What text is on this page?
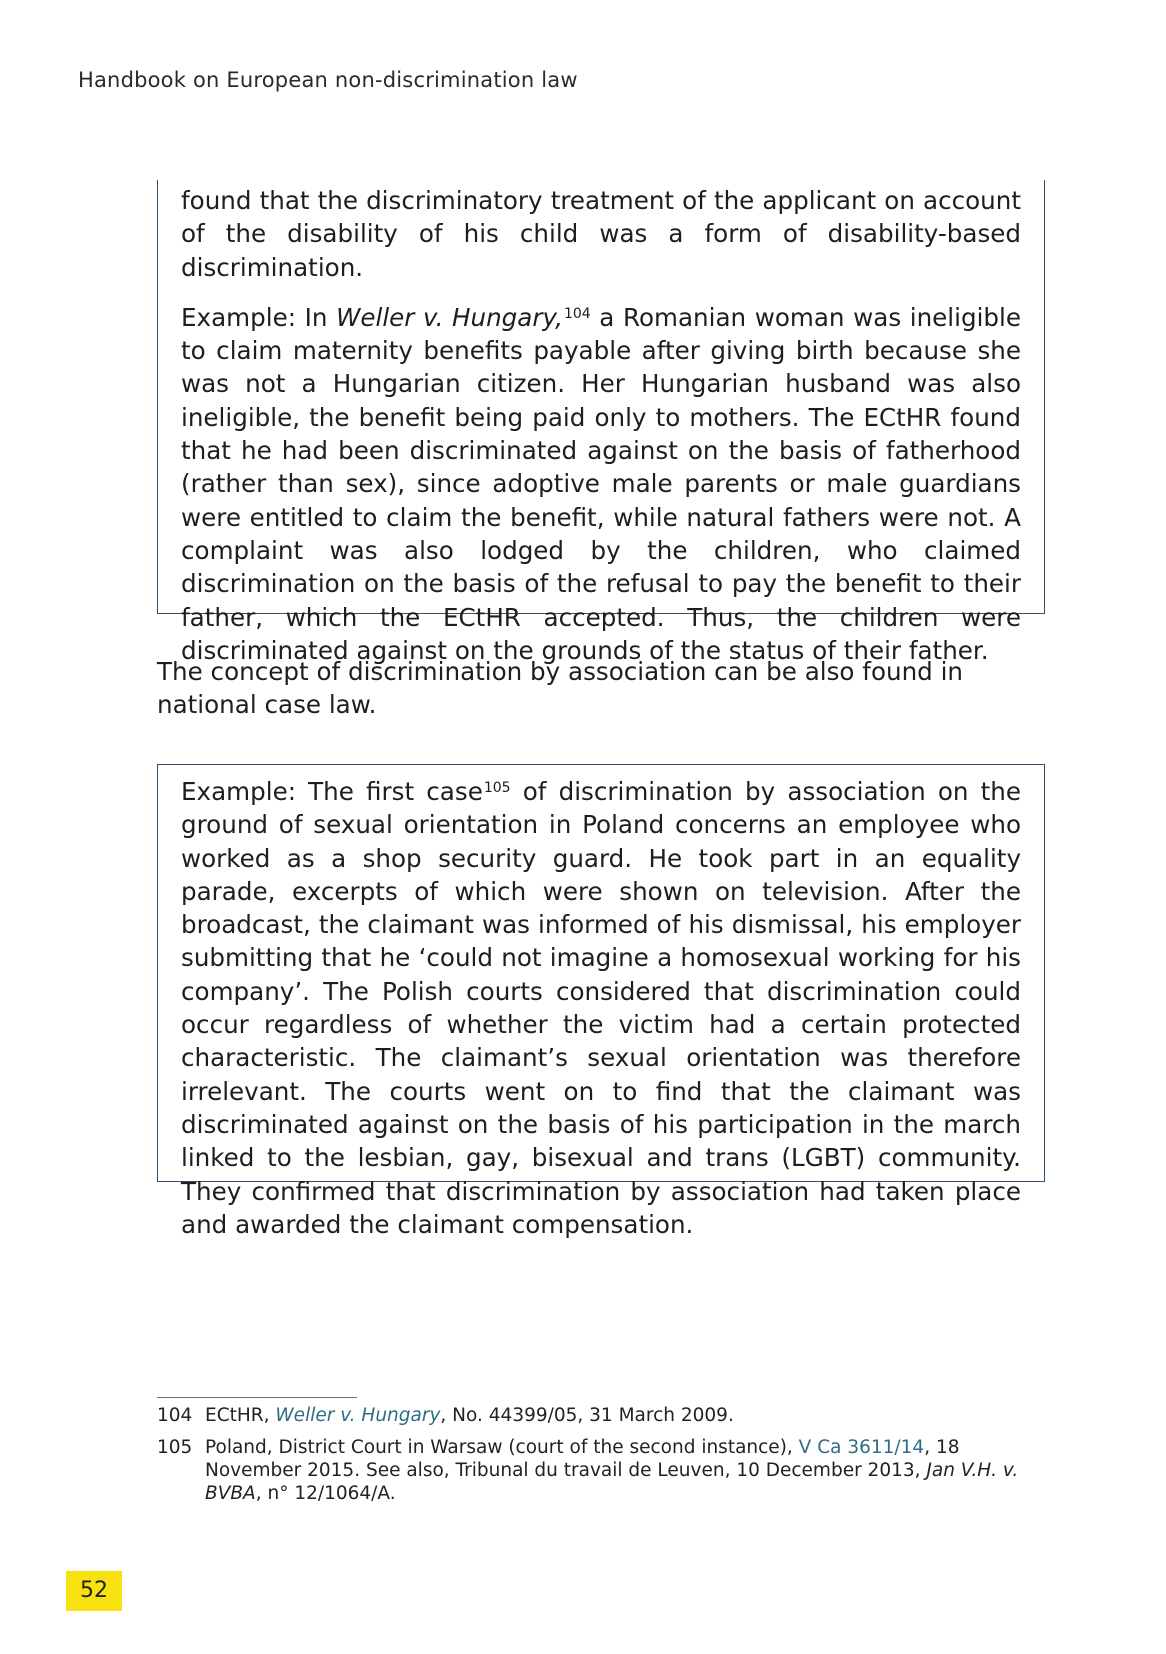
Handbook on European non-discrimination law

found that the discriminatory treatment of the applicant on account of the disability of his child was a form of disability-based discrimination.

Example: In Weller v. Hungary,$^{104}$ a Romanian woman was ineligible to claim maternity benefits payable after giving birth because she was not a Hungarian citizen. Her Hungarian husband was also ineligible, the benefit being paid only to mothers. The ECtHR found that he had been discriminated against on the basis of fatherhood (rather than sex), since adoptive male parents or male guardians were entitled to claim the benefit, while natural fathers were not. A complaint was also lodged by the children, who claimed discrimination on the basis of the refusal to pay the benefit to their father, which the ECtHR accepted. Thus, the children were discriminated against on the grounds of the status of their father.

The concept of discrimination by association can be also found in national case law.

Example: The first case$^{105}$ of discrimination by association on the ground of sexual orientation in Poland concerns an employee who worked as a shop security guard. He took part in an equality parade, excerpts of which were shown on television. After the broadcast, the claimant was informed of his dismissal, his employer submitting that he ‘could not imagine a homosexual working for his company’. The Polish courts considered that discrimination could occur regardless of whether the victim had a certain protected characteristic. The claimant’s sexual orientation was therefore irrelevant. The courts went on to find that the claimant was discriminated against on the basis of his participation in the march linked to the lesbian, gay, bisexual and trans (LGBT) community. They confirmed that discrimination by association had taken place and awarded the claimant compensation.

104 ECtHR, Weller v. Hungary, No. 44399/05, 31 March 2009.
105 Poland, District Court in Warsaw (court of the second instance), V Ca 3611/14, 18 November 2015. See also, Tribunal du travail de Leuven, 10 December 2013, Jan V.H. v. BVBA, n° 12/1064/A.
52
